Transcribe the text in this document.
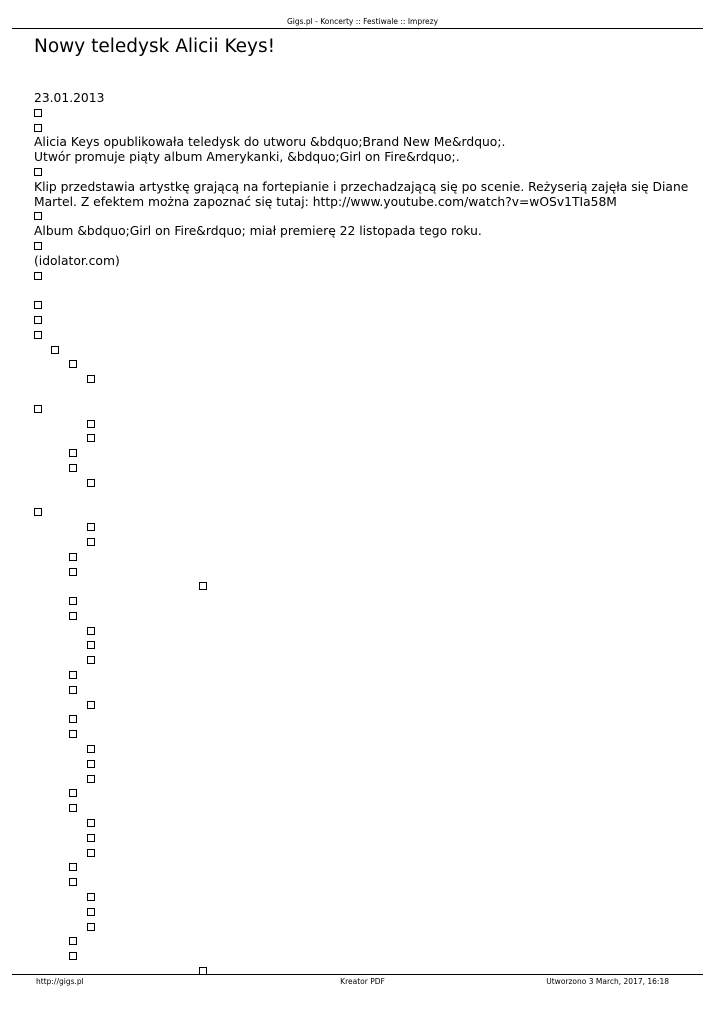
Gigs.pl - Koncerty :: Festiwale :: Imprezy
Nowy teledysk Alicii Keys!

23.01.2013

Alicia Keys opublikowała teledysk do utworu &bdquo;Brand New Me&rdquo;.

Utwór promuje piąty album Amerykanki, &bdquo;Girl on Fire&rdquo;.

Klip przedstawia artystkę grającą na fortepianie i przechadzającą się po scenie. Reżyserią zajęła się Diane Martel. Z efektem można zapoznać się tutaj: http://www.youtube.com/watch?v=wOSv1TIa58M

Album &bdquo;Girl on Fire&rdquo; miał premierę 22 listopada tego roku.

(idolator.com)

http://gigs.pl	Kreator PDF	Utworzono 3 March, 2017, 16:18
